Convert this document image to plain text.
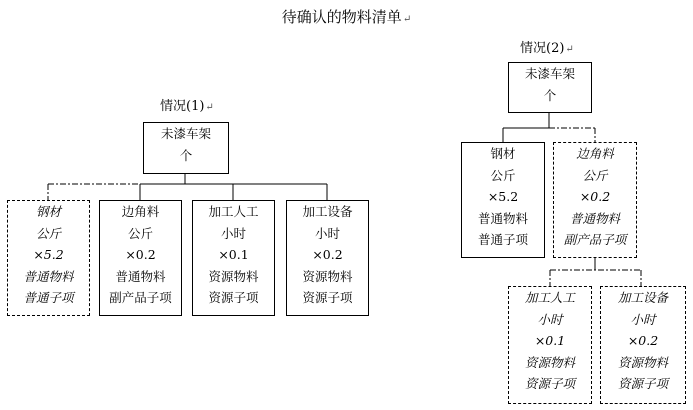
待确认的物料清单↵
情况(1)↵
未漆车架
个
钢材
公斤
×5.2
普通物料
普通子项
边角料
公斤
×0.2
普通物料
副产品子项
加工人工
小时
×0.1
资源物料
资源子项
加工设备
小时
×0.2
资源物料
资源子项
情况(2)↵
未漆车架
个
钢材
公斤
×5.2
普通物料
普通子项
边角料
公斤
×0.2
普通物料
副产品子项
加工人工
小时
×0.1
资源物料
资源子项
加工设备
小时
×0.2
资源物料
资源子项
